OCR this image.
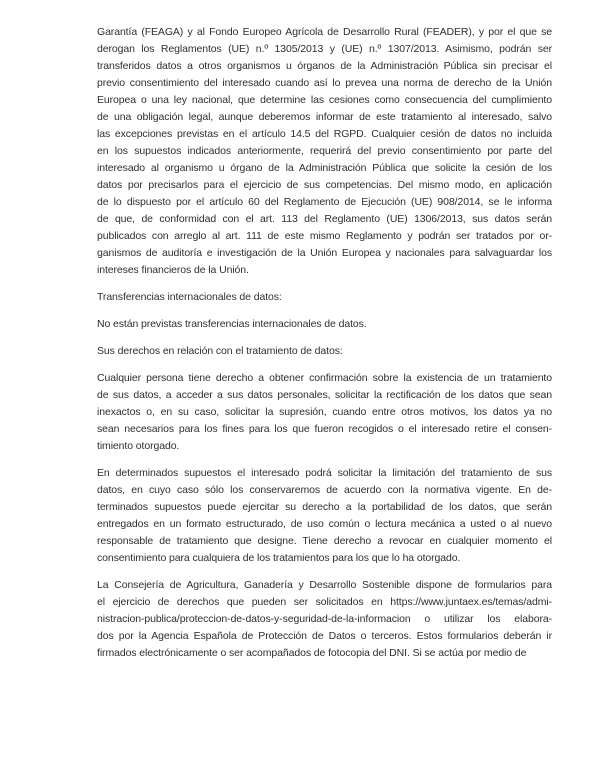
Garantía (FEAGA) y al Fondo Europeo Agrícola de Desarrollo Rural (FEADER), y por el que se
derogan los Reglamentos (UE) n.º 1305/2013 y (UE) n.º 1307/2013. Asimismo, podrán ser
transferidos datos a otros organismos u órganos de la Administración Pública sin precisar el
previo consentimiento del interesado cuando así lo prevea una norma de derecho de la Unión
Europea o una ley nacional, que determine las cesiones como consecuencia del cumplimiento
de una obligación legal, aunque deberemos informar de este tratamiento al interesado, salvo
las excepciones previstas en el artículo 14.5 del RGPD. Cualquier cesión de datos no incluida
en los supuestos indicados anteriormente, requerirá del previo consentimiento por parte del
interesado al organismo u órgano de la Administración Pública que solicite la cesión de los
datos por precisarlos para el ejercicio de sus competencias. Del mismo modo, en aplicación
de lo dispuesto por el artículo 60 del Reglamento de Ejecución (UE) 908/2014, se le informa
de que, de conformidad con el art. 113 del Reglamento (UE) 1306/2013, sus datos serán
publicados con arreglo al art. 111 de este mismo Reglamento y podrán ser tratados por or-
ganismos de auditoría e investigación de la Unión Europea y nacionales para salvaguardar los
intereses financieros de la Unión.
Transferencias internacionales de datos:
No están previstas transferencias internacionales de datos.
Sus derechos en relación con el tratamiento de datos:
Cualquier persona tiene derecho a obtener confirmación sobre la existencia de un tratamiento
de sus datos, a acceder a sus datos personales, solicitar la rectificación de los datos que sean
inexactos o, en su caso, solicitar la supresión, cuando entre otros motivos, los datos ya no
sean necesarios para los fines para los que fueron recogidos o el interesado retire el consen-
timiento otorgado.
En determinados supuestos el interesado podrá solicitar la limitación del tratamiento de sus
datos, en cuyo caso sólo los conservaremos de acuerdo con la normativa vigente. En de-
terminados supuestos puede ejercitar su derecho a la portabilidad de los datos, que serán
entregados en un formato estructurado, de uso común o lectura mecánica a usted o al nuevo
responsable de tratamiento que designe. Tiene derecho a revocar en cualquier momento el
consentimiento para cualquiera de los tratamientos para los que lo ha otorgado.
La Consejería de Agricultura, Ganadería y Desarrollo Sostenible dispone de formularios para
el ejercicio de derechos que pueden ser solicitados en https://www.juntaex.es/temas/admi-
nistracion-publica/proteccion-de-datos-y-seguridad-de-la-informacion o utilizar los elabora-
dos por la Agencia Española de Protección de Datos o terceros. Estos formularios deberán ir
firmados electrónicamente o ser acompañados de fotocopia del DNI. Si se actúa por medio de
